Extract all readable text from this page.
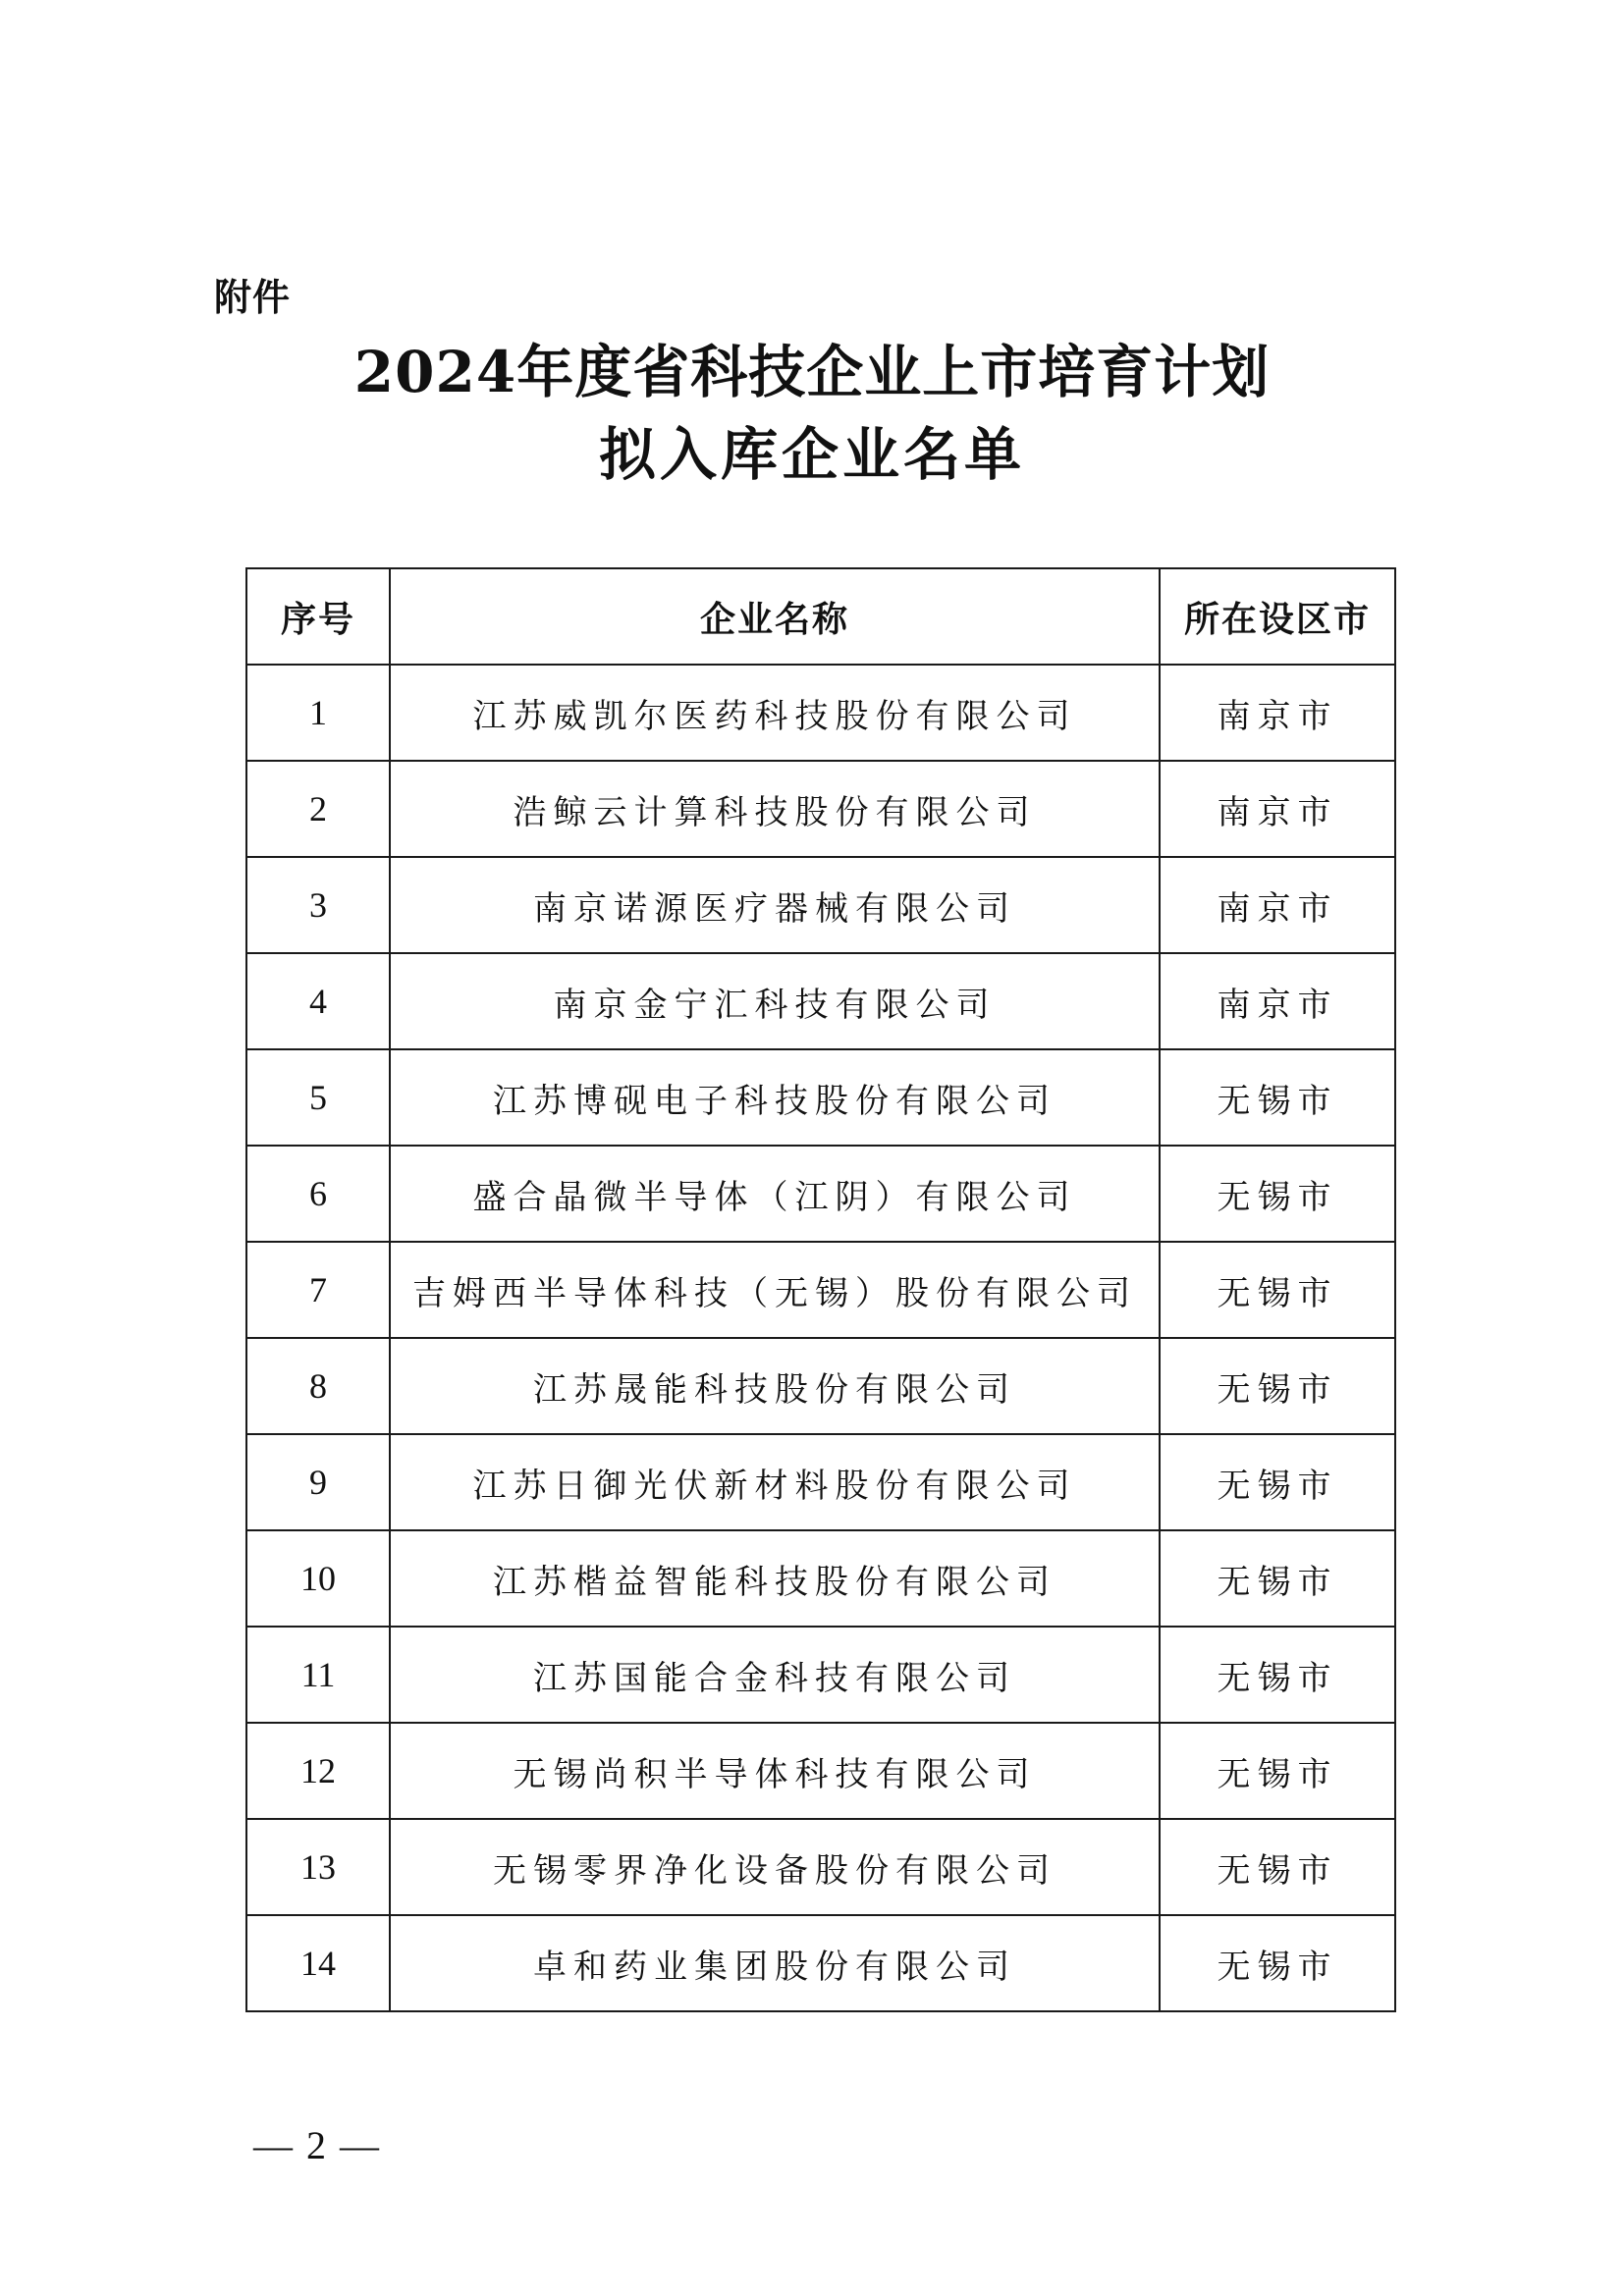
附件
2024年度省科技企业上市培育计划
拟入库企业名单
序号	企业名称	所在设区市
1	江苏威凯尔医药科技股份有限公司	南京市
2	浩鲸云计算科技股份有限公司	南京市
3	南京诺源医疗器械有限公司	南京市
4	南京金宁汇科技有限公司	南京市
5	江苏博砚电子科技股份有限公司	无锡市
6	盛合晶微半导体（江阴）有限公司	无锡市
7	吉姆西半导体科技（无锡）股份有限公司	无锡市
8	江苏晟能科技股份有限公司	无锡市
9	江苏日御光伏新材料股份有限公司	无锡市
10	江苏楷益智能科技股份有限公司	无锡市
11	江苏国能合金科技有限公司	无锡市
12	无锡尚积半导体科技有限公司	无锡市
13	无锡零界净化设备股份有限公司	无锡市
14	卓和药业集团股份有限公司	无锡市
— 2 —
